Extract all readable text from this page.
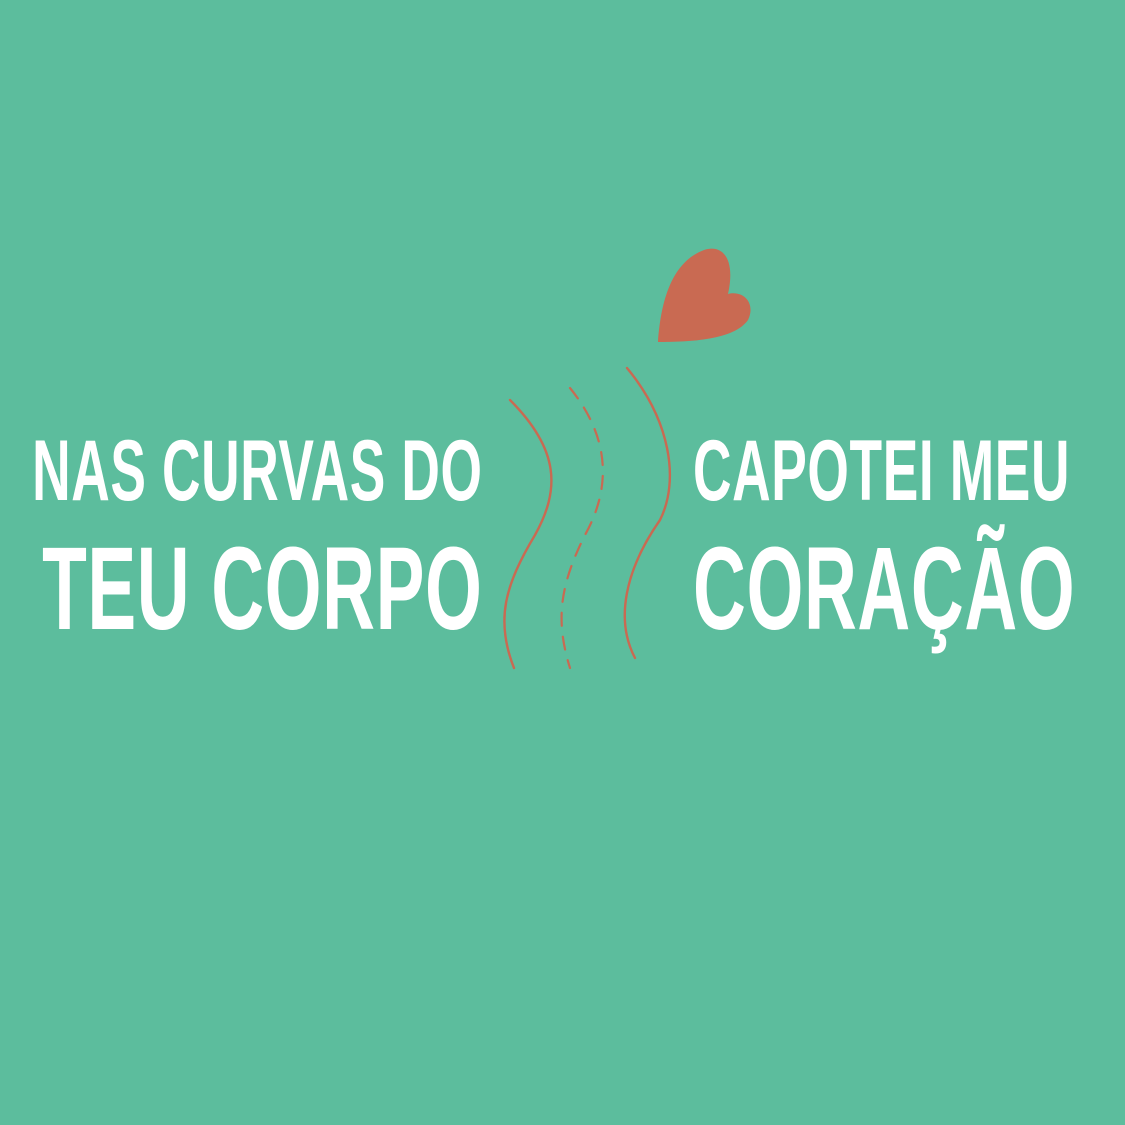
NAS CURVAS DO
TEU CORPO
CAPOTEI MEU
CORAÇÃO
